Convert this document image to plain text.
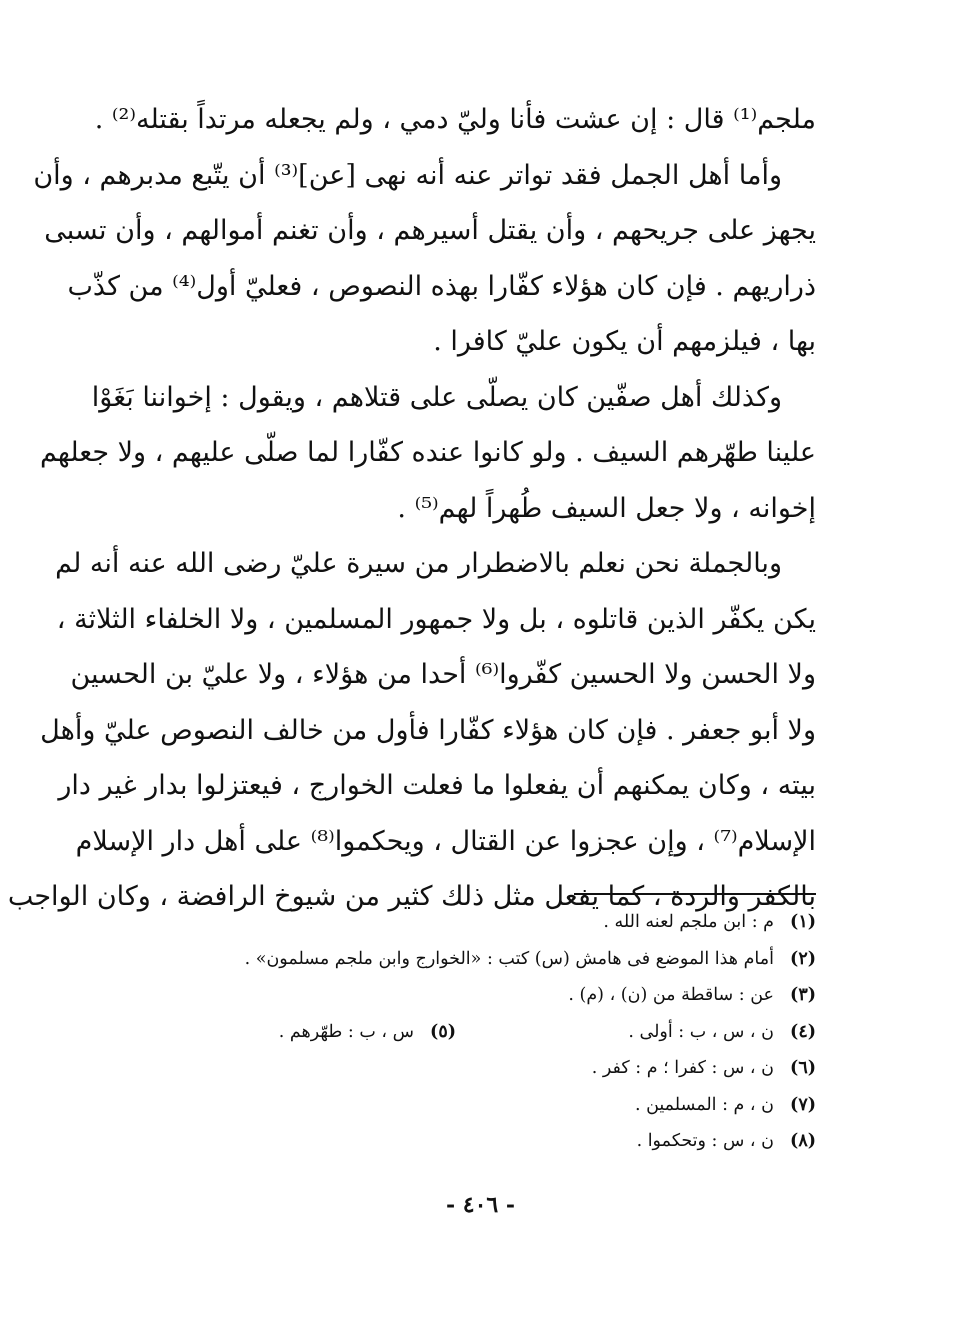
ملجم⁽¹⁾ قال : إن عشت فأنا وليّ دمي ، ولم يجعله مرتداً بقتله⁽²⁾ .

وأما أهل الجمل فقد تواتر عنه أنه نهى [عن]⁽³⁾ أن يتّبع مدبرهم ، وأن
يجهز على جريحهم ، وأن يقتل أسيرهم ، وأن تغنم أموالهم ، وأن تسبى
ذراريهم . فإن كان هؤلاء كفّارا بهذه النصوص ، فعليّ أول⁽⁴⁾ من كذّب
بها ، فيلزمهم أن يكون عليّ كافرا .

وكذلك أهل صفّين كان يصلّى على قتلاهم ، ويقول : إخواننا بَغَوْا
علينا طهّرهم السيف . ولو كانوا عنده كفّارا لما صلّى عليهم ، ولا جعلهم
إخوانه ، ولا جعل السيف طُهراً لهم⁽⁵⁾ .

وبالجملة نحن نعلم بالاضطرار من سيرة عليّ رضى الله عنه أنه لم
يكن يكفّر الذين قاتلوه ، بل ولا جمهور المسلمين ، ولا الخلفاء الثلاثة ،
ولا الحسن ولا الحسين كفّروا⁽⁶⁾ أحدا من هؤلاء ، ولا عليّ بن الحسين
ولا أبو جعفر . فإن كان هؤلاء كفّارا فأول من خالف النصوص عليّ وأهل
بيته ، وكان يمكنهم أن يفعلوا ما فعلت الخوارج ، فيعتزلوا بدار غير دار
الإسلام⁽⁷⁾ ، وإن عجزوا عن القتال ، ويحكموا⁽⁸⁾ على أهل دار الإسلام
بالكفر والردة ، كما يفعل مثل ذلك كثير من شيوخ الرافضة ، وكان الواجب

(١)م : ابن ملجم لعنه الله .
(٢)أمام هذا الموضع فى هامش (س) كتب : «الخوارج وابن ملجم مسلمون» .
(٣)عن : ساقطة من (ن) ، (م) .
(٤)ن ، س ، ب : أولى .
(٥)س ، ب : طهّرهم .
(٦)ن ، س : كفرا ؛ م : كفر .
(٧)ن ، م : المسلمين .
(٨)ن ، س : وتحكموا .
- ٤٠٦ -
